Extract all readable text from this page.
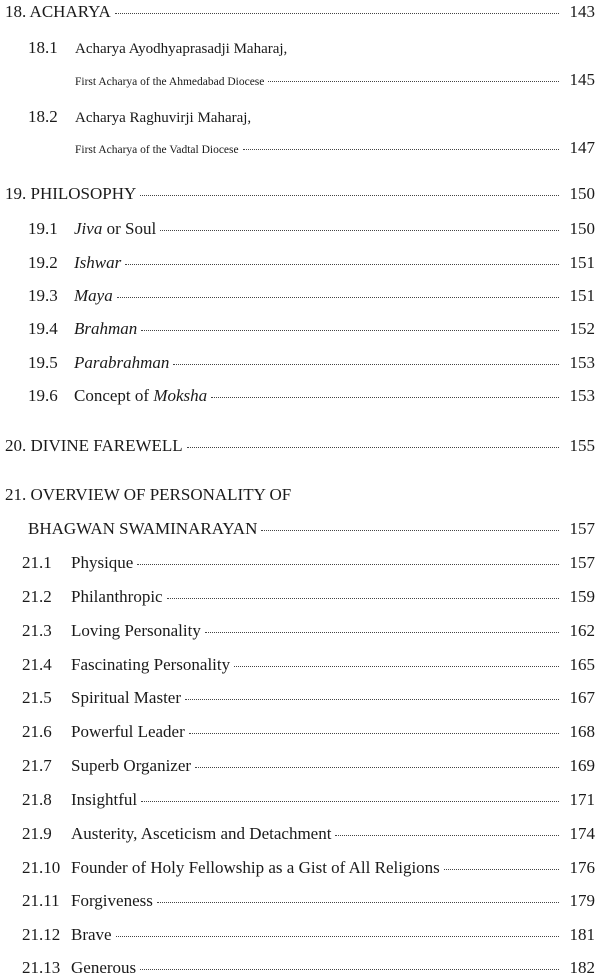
18. ACHARYA	143
18.1	Acharya Ayodhyaprasadji Maharaj,
First Acharya of the Ahmedabad Diocese	145
18.2	Acharya Raghuvirji Maharaj,
First Acharya of the Vadtal Diocese	147
19. PHILOSOPHY	150
19.1 Jiva or Soul	150
19.2 Ishwar	151
19.3 Maya	151
19.4 Brahman	152
19.5 Parabrahman	153
19.6 Concept of Moksha	153
20. DIVINE FAREWELL	155
21. OVERVIEW OF PERSONALITY OF
BHAGWAN SWAMINARAYAN	157
21.1	Physique	157
21.2	Philanthropic	159
21.3	Loving Personality	162
21.4	Fascinating Personality	165
21.5	Spiritual Master	167
21.6	Powerful Leader	168
21.7	Superb Organizer	169
21.8	Insightful	171
21.9	Austerity, Asceticism and Detachment	174
21.10 Founder of Holy Fellowship as a Gist of All Religions	176
21.11 Forgiveness	179
21.12 Brave	181
21.13 Generous	182
